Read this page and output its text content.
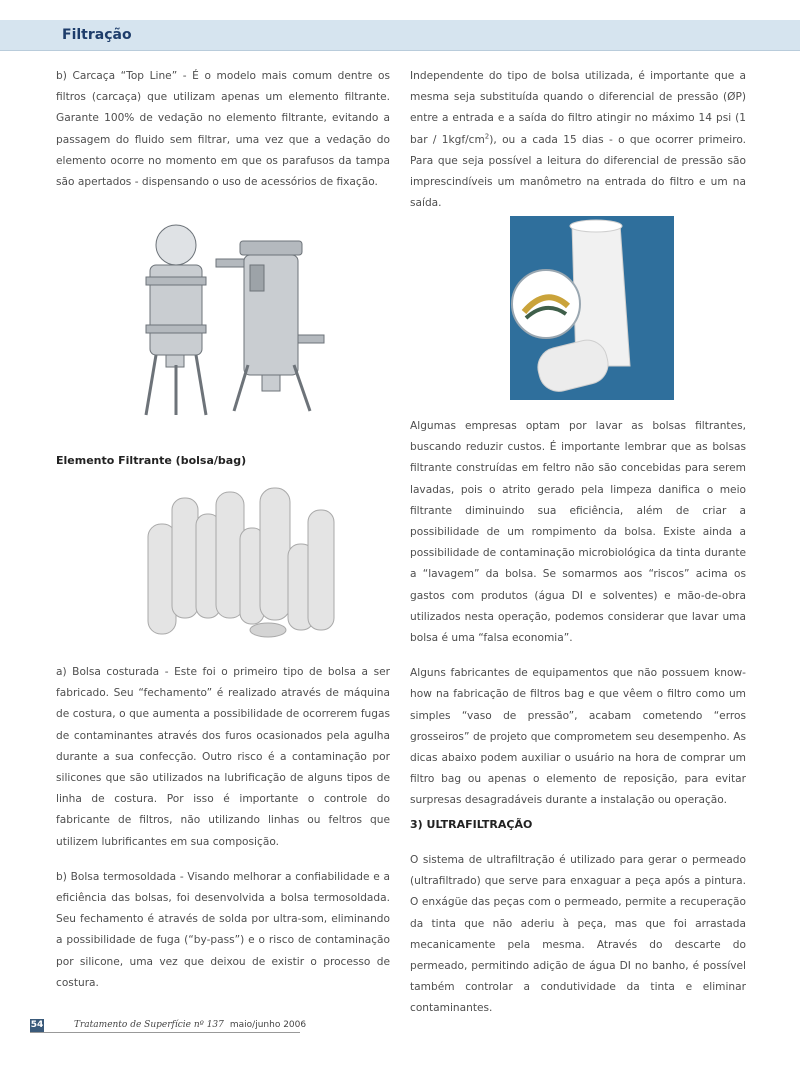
Filtração

b) Carcaça “Top Line” - É o modelo mais comum dentre os filtros (carcaça) que utilizam apenas um elemento filtrante. Garante 100% de vedação no elemento filtrante, evitando a passagem do fluido sem filtrar, uma vez que a vedação do elemento ocorre no momento em que os parafusos da tampa são apertados - dispensando o uso de acessórios de fixação.

Elemento Filtrante (bolsa/bag)

a) Bolsa costurada - Este foi o primeiro tipo de bolsa a ser fabricado. Seu “fechamento” é realizado através de máquina de costura, o que aumenta a possibilidade de ocorrerem fugas de contaminantes através dos furos ocasionados pela agulha durante a sua confecção. Outro risco é a contaminação por silicones que são utilizados na lubrificação de alguns tipos de linha de costura. Por isso é importante o controle do fabricante de filtros, não utilizando linhas ou feltros que utilizem lubrificantes em sua composição.

b) Bolsa termosoldada - Visando melhorar a confiabilidade e a eficiência das bolsas, foi desenvolvida a bolsa termosoldada. Seu fechamento é através de solda por ultra-som, eliminando a possibilidade de fuga (“by-pass”) e o risco de contaminação por silicone, uma vez que deixou de existir o processo de costura.

Independente do tipo de bolsa utilizada, é importante que a mesma seja substituída quando o diferencial de pressão (ØP) entre a entrada e a saída do filtro atingir no máximo 14 psi (1 bar / $1kgf/cm^2$), ou a cada 15 dias - o que ocorrer primeiro. Para que seja possível a leitura do diferencial de pressão são imprescindíveis um manômetro na entrada do filtro e um na saída.

Algumas empresas optam por lavar as bolsas filtrantes, buscando reduzir custos. É importante lembrar que as bolsas filtrante construídas em feltro não são concebidas para serem lavadas, pois o atrito gerado pela limpeza danifica o meio filtrante diminuindo sua eficiência, além de criar a possibilidade de um rompimento da bolsa. Existe ainda a possibilidade de contaminação microbiológica da tinta durante a “lavagem” da bolsa. Se somarmos aos “riscos” acima os gastos com produtos (água DI e solventes) e mão-de-obra utilizados nesta operação, podemos considerar que lavar uma bolsa é uma “falsa economia”.

Alguns fabricantes de equipamentos que não possuem know-how na fabricação de filtros bag e que vêem o filtro como um simples “vaso de pressão”, acabam cometendo “erros grosseiros” de projeto que comprometem seu desempenho. As dicas abaixo podem auxiliar o usuário na hora de comprar um filtro bag ou apenas o elemento de reposição, para evitar surpresas desagradáveis durante a instalação ou operação.

3) ULTRAFILTRAÇÃO

O sistema de ultrafiltração é utilizado para gerar o permeado (ultrafiltrado) que serve para enxaguar a peça após a pintura. O enxágüe das peças com o permeado, permite a recuperação da tinta que não aderiu à peça, mas que foi arrastada mecanicamente pela mesma. Através do descarte do permeado, permitindo adição de água DI no banho, é possível também controlar a condutividade da tinta e eliminar contaminantes.

54	Tratamento de Superfície nº 137 maio/junho 2006
